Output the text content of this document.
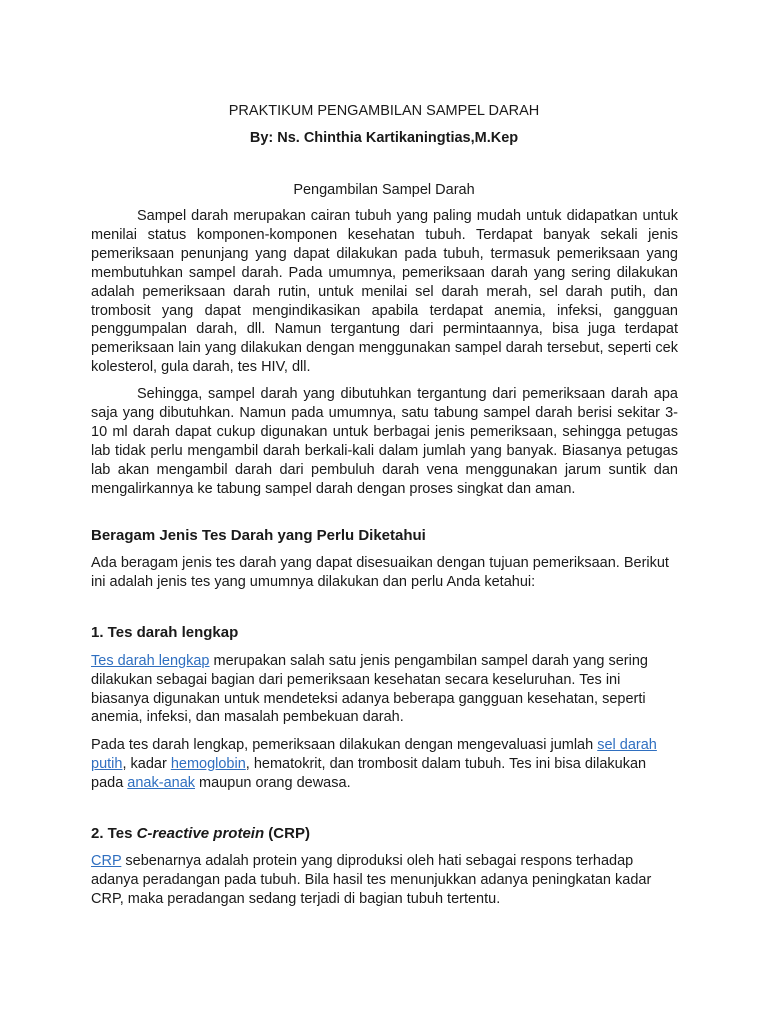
PRAKTIKUM PENGAMBILAN SAMPEL DARAH
By: Ns. Chinthia Kartikaningtias,M.Kep
Pengambilan Sampel Darah

Sampel darah merupakan cairan tubuh yang paling mudah untuk didapatkan untuk menilai status komponen-komponen kesehatan tubuh. Terdapat banyak sekali jenis pemeriksaan penunjang yang dapat dilakukan pada tubuh, termasuk pemeriksaan yang membutuhkan sampel darah. Pada umumnya, pemeriksaan darah yang sering dilakukan adalah pemeriksaan darah rutin, untuk menilai sel darah merah, sel darah putih, dan trombosit yang dapat mengindikasikan apabila terdapat anemia, infeksi, gangguan penggumpalan darah, dll. Namun tergantung dari permintaannya, bisa juga terdapat pemeriksaan lain yang dilakukan dengan menggunakan sampel darah tersebut, seperti cek kolesterol, gula darah, tes HIV, dll.

Sehingga, sampel darah yang dibutuhkan tergantung dari pemeriksaan darah apa saja yang dibutuhkan. Namun pada umumnya, satu tabung sampel darah berisi sekitar 3-10 ml darah dapat cukup digunakan untuk berbagai jenis pemeriksaan, sehingga petugas lab tidak perlu mengambil darah berkali-kali dalam jumlah yang banyak. Biasanya petugas lab akan mengambil darah dari pembuluh darah vena menggunakan jarum suntik dan mengalirkannya ke tabung sampel darah dengan proses singkat dan aman.

Beragam Jenis Tes Darah yang Perlu Diketahui
Ada beragam jenis tes darah yang dapat disesuaikan dengan tujuan pemeriksaan. Berikut
ini adalah jenis tes yang umumnya dilakukan dan perlu Anda ketahui:
1. Tes darah lengkap
Tes darah lengkap merupakan salah satu jenis pengambilan sampel darah yang sering
dilakukan sebagai bagian dari pemeriksaan kesehatan secara keseluruhan. Tes ini
biasanya digunakan untuk mendeteksi adanya beberapa gangguan kesehatan, seperti
anemia, infeksi, dan masalah pembekuan darah.
Pada tes darah lengkap, pemeriksaan dilakukan dengan mengevaluasi jumlah sel darah
putih, kadar hemoglobin, hematokrit, dan trombosit dalam tubuh. Tes ini bisa dilakukan
pada anak-anak maupun orang dewasa.
2. Tes C-reactive protein (CRP)
CRP sebenarnya adalah protein yang diproduksi oleh hati sebagai respons terhadap
adanya peradangan pada tubuh. Bila hasil tes menunjukkan adanya peningkatan kadar
CRP, maka peradangan sedang terjadi di bagian tubuh tertentu.
